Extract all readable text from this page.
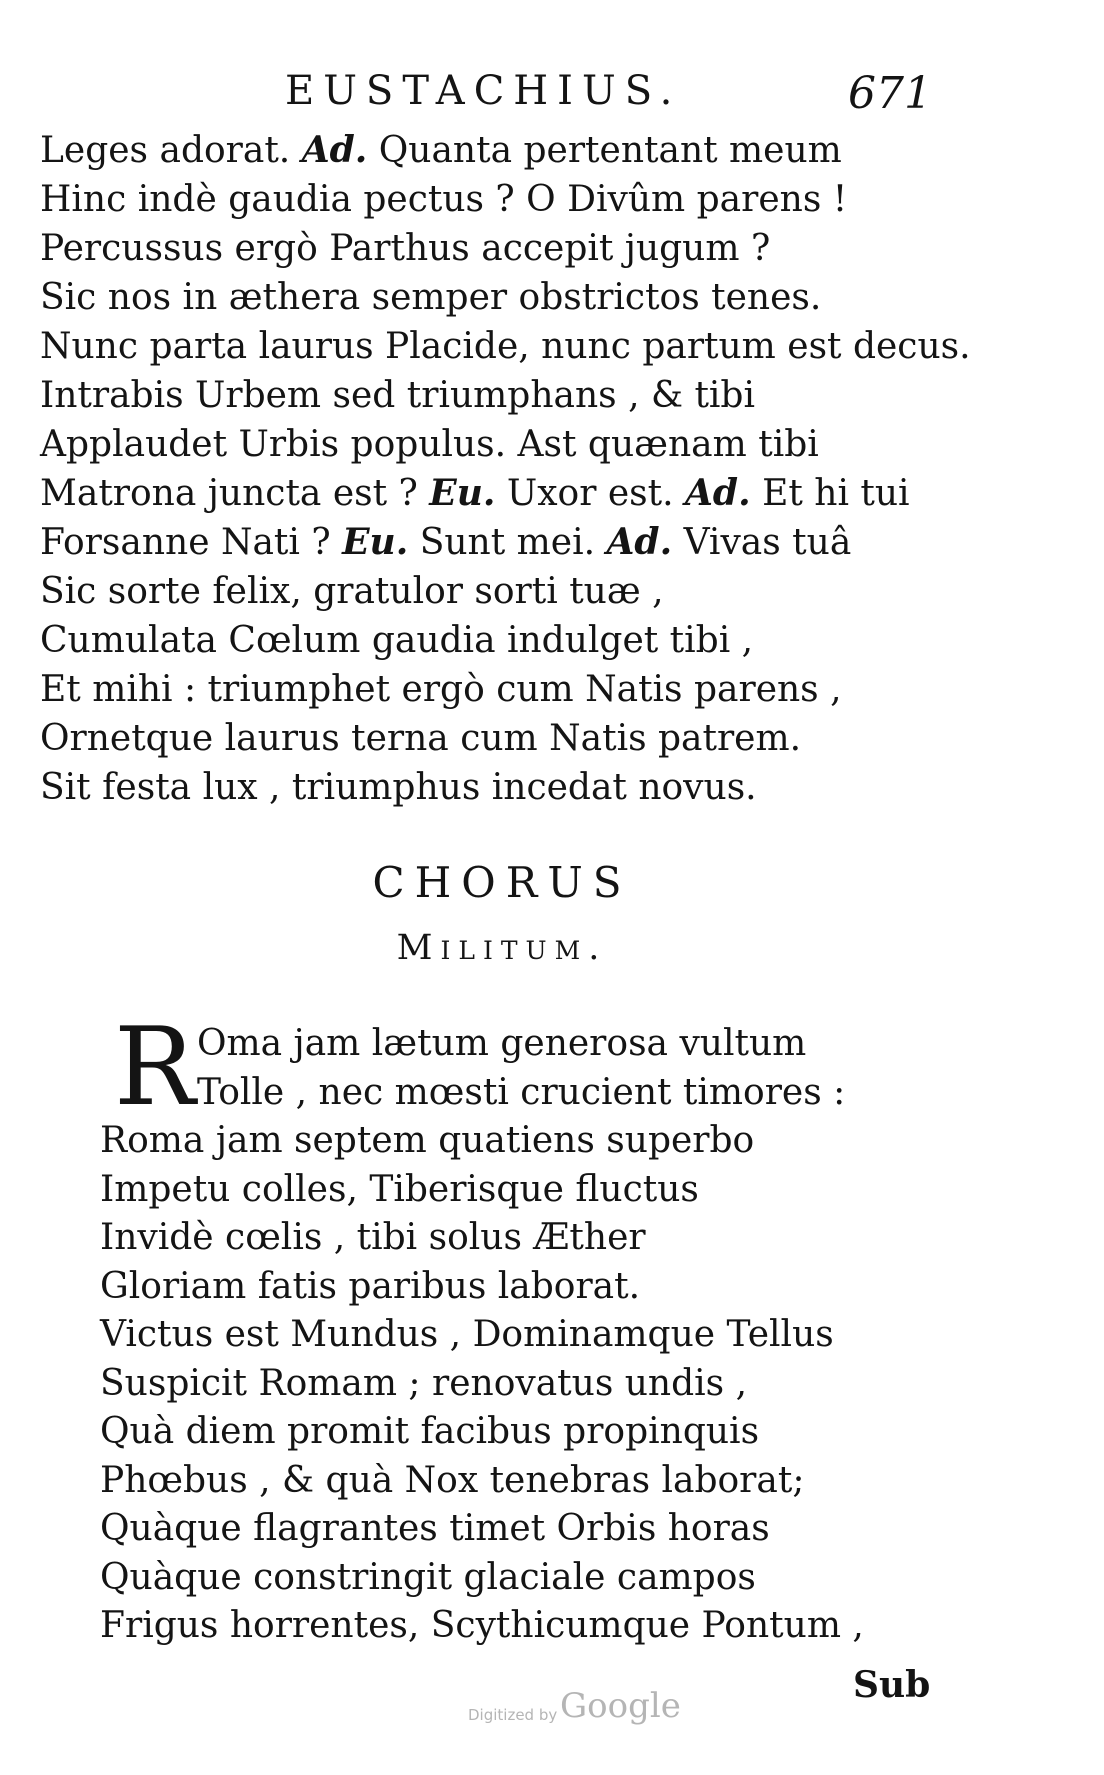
EUSTACHIUS.	671
Leges adorat. Ad. Quanta pertentant meum
Hinc indè gaudia pectus ? O Divûm parens !
Percussus ergò Parthus accepit jugum ?
Sic nos in æthera semper obstrictos tenes.
Nunc parta laurus Placide, nunc partum est decus.
Intrabis Urbem sed triumphans , & tibi
Applaudet Urbis populus. Ast quænam tibi
Matrona juncta est ? Eu. Uxor est. Ad. Et hi tui
Forsanne Nati ? Eu. Sunt mei. Ad. Vivas tuâ
Sic sorte felix, gratulor sorti tuæ ,
Cumulata Cœlum gaudia indulget tibi ,
Et mihi : triumphet ergò cum Natis parens ,
Ornetque laurus terna cum Natis patrem.
Sit festa lux , triumphus incedat novus.
CHORUS
Militum.
R Oma jam lætum generosa vultum
Tolle , nec mœsti crucient timores :
Roma jam septem quatiens superbo
Impetu colles, Tiberisque fluctus
Invidè cœlis , tibi solus Æther
Gloriam fatis paribus laborat.
Victus est Mundus , Dominamque Tellus
Suspicit Romam ; renovatus undis ,
Quà diem promit facibus propinquis
Phœbus , & quà Nox tenebras laborat;
Quàque flagrantes timet Orbis horas
Quàque constringit glaciale campos
Frigus horrentes, Scythicumque Pontum ,
Sub
Digitized by Google
